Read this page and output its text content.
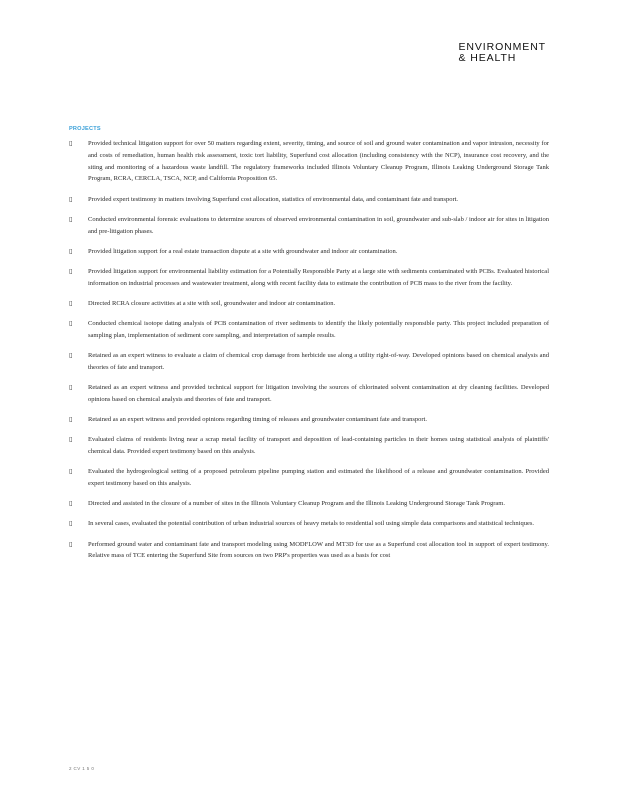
ENVIRONMENT
& HEALTH
PROJECTS
▯ Provided technical litigation support for over 50 matters regarding extent, severity, timing, and source of soil and ground water contamination and vapor intrusion, necessity for and costs of remediation, human health risk assessment, toxic tort liability, Superfund cost allocation (including consistency with the NCP), insurance cost recovery, and the siting and monitoring of a hazardous waste landfill. The regulatory frameworks included Illinois Voluntary Cleanup Program, Illinois Leaking Underground Storage Tank Program, RCRA, CERCLA, TSCA, NCP, and California Proposition 65.
▯ Provided expert testimony in matters involving Superfund cost allocation, statistics of environmental data, and contaminant fate and transport.
▯ Conducted environmental forensic evaluations to determine sources of observed environmental contamination in soil, groundwater and sub-slab / indoor air for sites in litigation and pre-litigation phases.
▯ Provided litigation support for a real estate transaction dispute at a site with groundwater and indoor air contamination.
▯ Provided litigation support for environmental liability estimation for a Potentially Responsible Party at a large site with sediments contaminated with PCBs. Evaluated historical information on industrial processes and wastewater treatment, along with recent facility data to estimate the contribution of PCB mass to the river from the facility.
▯ Directed RCRA closure activities at a site with soil, groundwater and indoor air contamination.
▯ Conducted chemical isotope dating analysis of PCB contamination of river sediments to identify the likely potentially responsible party. This project included preparation of sampling plan, implementation of sediment core sampling, and interpretation of sample results.
▯ Retained as an expert witness to evaluate a claim of chemical crop damage from herbicide use along a utility right-of-way. Developed opinions based on chemical analysis and theories of fate and transport.
▯ Retained as an expert witness and provided technical support for litigation involving the sources of chlorinated solvent contamination at dry cleaning facilities. Developed opinions based on chemical analysis and theories of fate and transport.
▯ Retained as an expert witness and provided opinions regarding timing of releases and groundwater contaminant fate and transport.
▯ Evaluated claims of residents living near a scrap metal facility of transport and deposition of lead-containing particles in their homes using statistical analysis of plaintiffs' chemical data. Provided expert testimony based on this analysis.
▯ Evaluated the hydrogeological setting of a proposed petroleum pipeline pumping station and estimated the likelihood of a release and groundwater contamination. Provided expert testimony based on this analysis.
▯ Directed and assisted in the closure of a number of sites in the Illinois Voluntary Cleanup Program and the Illinois Leaking Underground Storage Tank Program.
▯ In several cases, evaluated the potential contribution of urban industrial sources of heavy metals to residential soil using simple data comparisons and statistical techniques.
▯ Performed ground water and contaminant fate and transport modeling using MODFLOW and MT3D for use as a Superfund cost allocation tool in support of expert testimony. Relative mass of TCE entering the Superfund Site from sources on two PRP's properties was used as a basis for cost
2 CV 1 5 0
